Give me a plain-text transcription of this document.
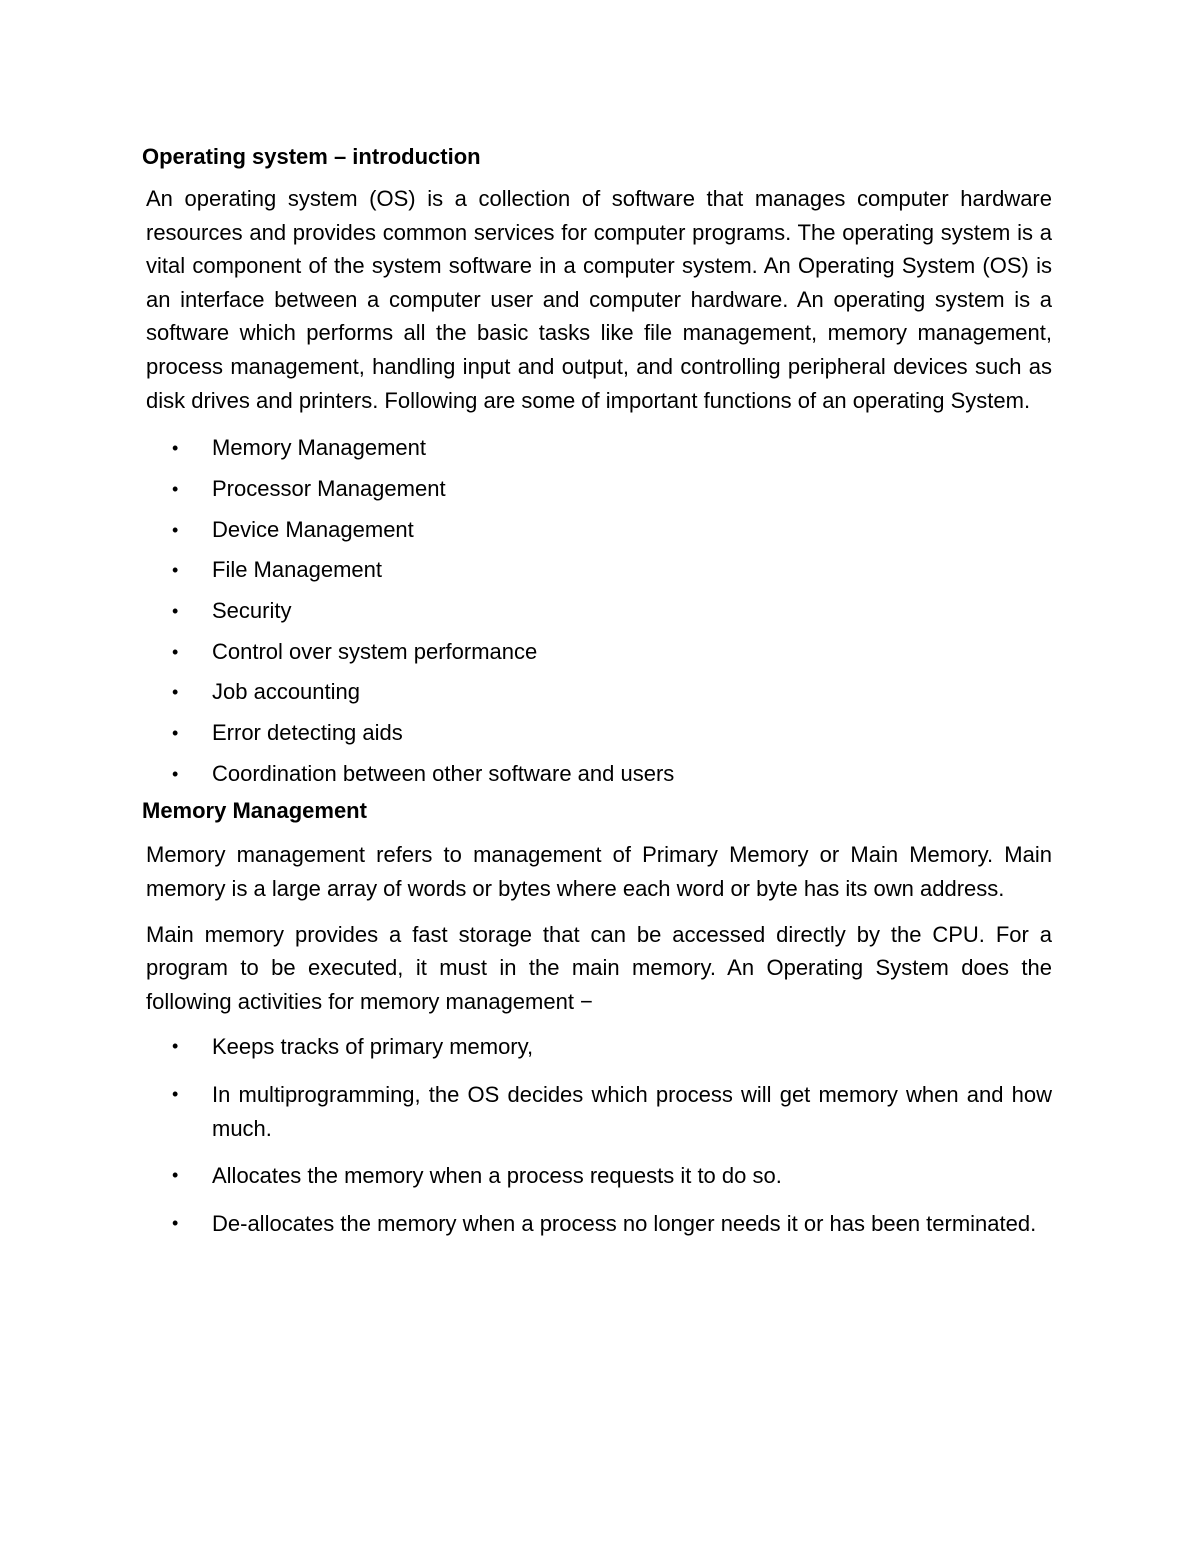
Operating system – introduction

An operating system (OS) is a collection of software that manages computer hardware resources and provides common services for computer programs. The operating system is a vital component of the system software in a computer system. An Operating System (OS) is an interface between a computer user and computer hardware. An operating system is a software which performs all the basic tasks like file management, memory management, process management, handling input and output, and controlling peripheral devices such as disk drives and printers. Following are some of important functions of an operating System.

• Memory Management
• Processor Management
• Device Management
• File Management
• Security
• Control over system performance
• Job accounting
• Error detecting aids
• Coordination between other software and users
Memory Management

Memory management refers to management of Primary Memory or Main Memory. Main memory is a large array of words or bytes where each word or byte has its own address.

Main memory provides a fast storage that can be accessed directly by the CPU. For a program to be executed, it must in the main memory. An Operating System does the following activities for memory management −

• Keeps tracks of primary memory,
• In multiprogramming, the OS decides which process will get memory when and how much.
• Allocates the memory when a process requests it to do so.
• De-allocates the memory when a process no longer needs it or has been terminated.
